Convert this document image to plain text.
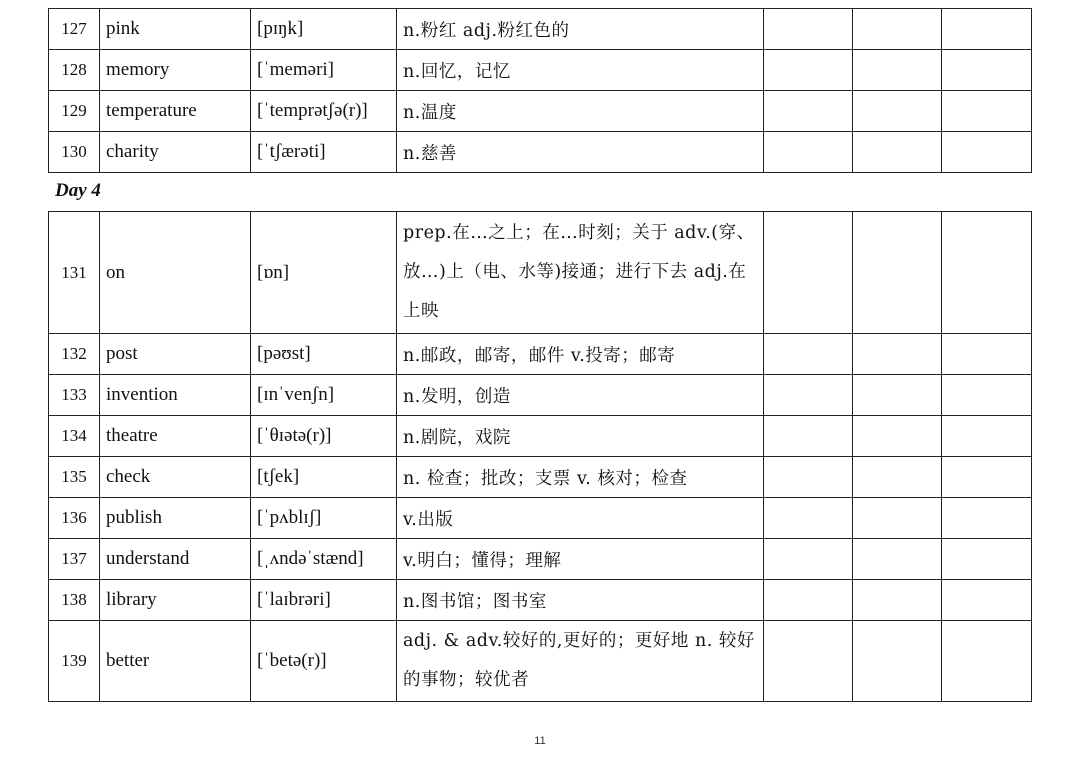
127	pink	[pɪŋk]	n.粉红 adj.粉红色的			
128	memory	[ˈmeməri]	n.回忆，记忆			
129	temperature	[ˈtemprətʃə(r)]	n.温度			
130	charity	[ˈtʃærəti]	n.慈善			

Day 4

131	on	[ɒn]	prep.在…之上；在…时刻；关于 adv.(穿、放…)上（电、水等)接通；进行下去 adj.在上映			
132	post	[pəʊst]	n.邮政，邮寄，邮件 v.投寄；邮寄			
133	invention	[ɪnˈvenʃn]	n.发明，创造			
134	theatre	[ˈθɪətə(r)]	n.剧院，戏院			
135	check	[tʃek]	n. 检查；批改；支票 v. 核对；检查			
136	publish	[ˈpʌblɪʃ]	v.出版			
137	understand	[ˌʌndəˈstænd]	v.明白；懂得；理解			
138	library	[ˈlaɪbrəri]	n.图书馆；图书室			
139	better	[ˈbetə(r)]	adj. & adv.较好的,更好的；更好地 n. 较好的事物；较优者			
11
